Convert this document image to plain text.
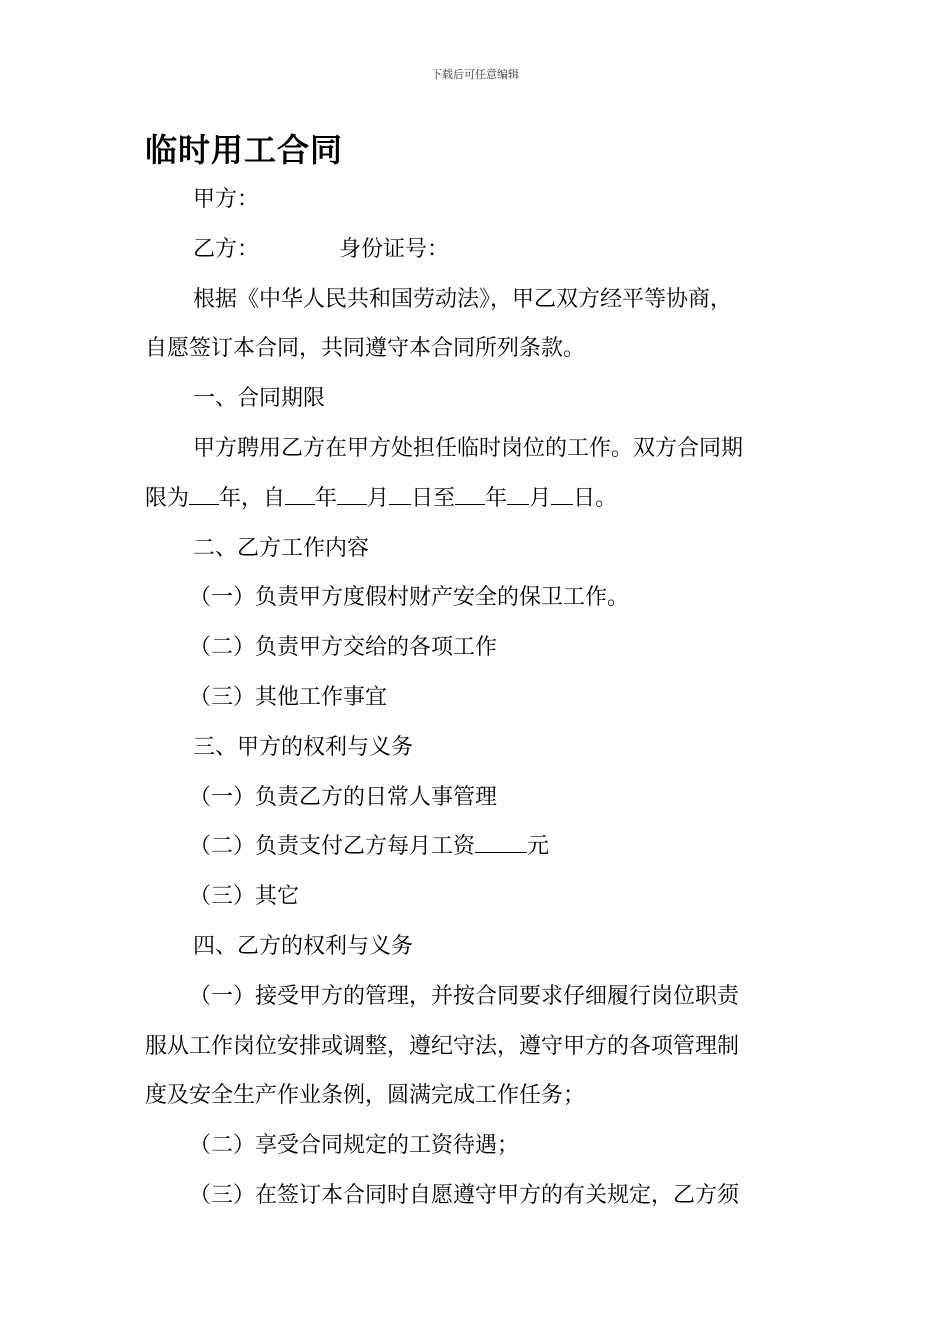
下载后可任意编辑
临时用工合同

甲方：

乙方：	身份证号：

根据《中华人民共和国劳动法》，甲乙双方经平等协商，

自愿签订本合同，共同遵守本合同所列条款。

一、合同期限

甲方聘用乙方在甲方处担任临时岗位的工作。双方合同期

限为 年，自 年 月 日至 年 月 日。

二、乙方工作内容

（一）负责甲方度假村财产安全的保卫工作。

（二）负责甲方交给的各项工作

（三）其他工作事宜

三、甲方的权利与义务

（一）负责乙方的日常人事管理

（二）负责支付乙方每月工资 元

（三）其它

四、乙方的权利与义务

（一）接受甲方的管理，并按合同要求仔细履行岗位职责

服从工作岗位安排或调整，遵纪守法，遵守甲方的各项管理制

度及安全生产作业条例，圆满完成工作任务；

（二）享受合同规定的工资待遇；

（三）在签订本合同时自愿遵守甲方的有关规定，乙方须
